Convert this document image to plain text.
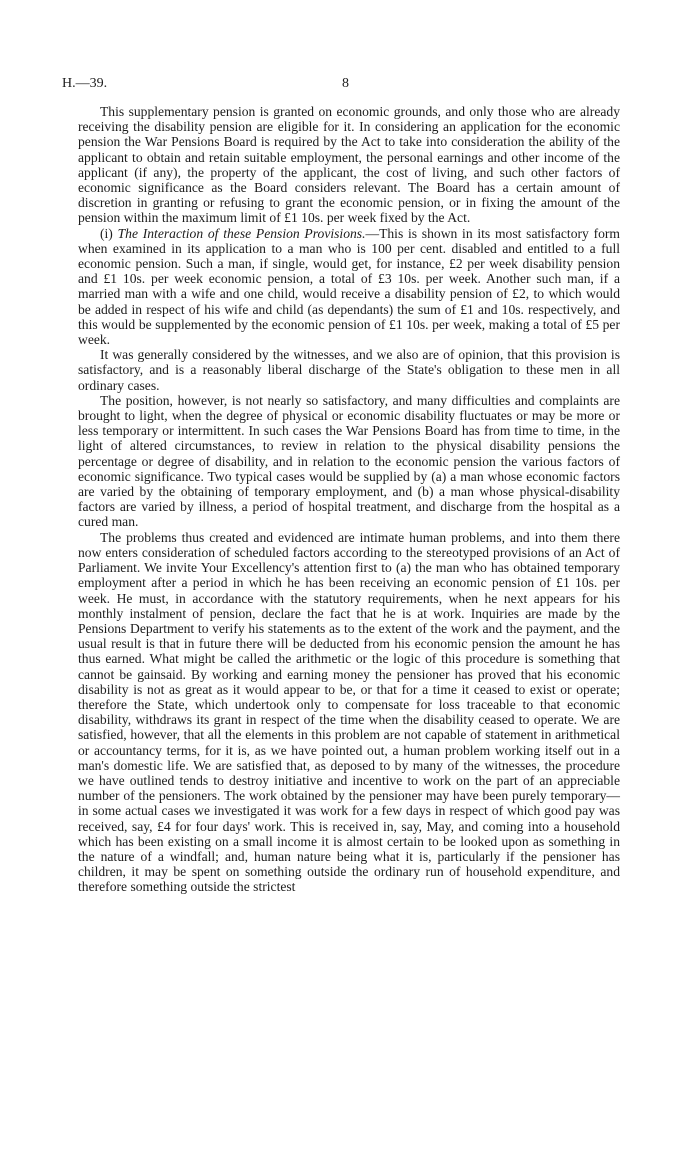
H.—39.	8

This supplementary pension is granted on economic grounds, and only those who are already receiving the disability pension are eligible for it. In considering an application for the economic pension the War Pensions Board is required by the Act to take into consideration the ability of the applicant to obtain and retain suitable employment, the personal earnings and other income of the applicant (if any), the property of the applicant, the cost of living, and such other factors of economic significance as the Board considers relevant. The Board has a certain amount of discretion in granting or refusing to grant the economic pension, or in fixing the amount of the pension within the maximum limit of £1 10s. per week fixed by the Act.

(i) The Interaction of these Pension Provisions.—This is shown in its most satisfactory form when examined in its application to a man who is 100 per cent. disabled and entitled to a full economic pension. Such a man, if single, would get, for instance, £2 per week disability pension and £1 10s. per week economic pension, a total of £3 10s. per week. Another such man, if a married man with a wife and one child, would receive a disability pension of £2, to which would be added in respect of his wife and child (as dependants) the sum of £1 and 10s. respectively, and this would be supplemented by the economic pension of £1 10s. per week, making a total of £5 per week.

It was generally considered by the witnesses, and we also are of opinion, that this provision is satisfactory, and is a reasonably liberal discharge of the State's obligation to these men in all ordinary cases.

The position, however, is not nearly so satisfactory, and many difficulties and complaints are brought to light, when the degree of physical or economic disability fluctuates or may be more or less temporary or intermittent. In such cases the War Pensions Board has from time to time, in the light of altered circumstances, to review in relation to the physical disability pensions the percentage or degree of disability, and in relation to the economic pension the various factors of economic significance. Two typical cases would be supplied by (a) a man whose economic factors are varied by the obtaining of temporary employment, and (b) a man whose physical-disability factors are varied by illness, a period of hospital treatment, and discharge from the hospital as a cured man.

The problems thus created and evidenced are intimate human problems, and into them there now enters consideration of scheduled factors according to the stereotyped provisions of an Act of Parliament. We invite Your Excellency's attention first to (a) the man who has obtained temporary employment after a period in which he has been receiving an economic pension of £1 10s. per week. He must, in accordance with the statutory requirements, when he next appears for his monthly instalment of pension, declare the fact that he is at work. Inquiries are made by the Pensions Department to verify his statements as to the extent of the work and the payment, and the usual result is that in future there will be deducted from his economic pension the amount he has thus earned. What might be called the arithmetic or the logic of this procedure is something that cannot be gainsaid. By working and earning money the pensioner has proved that his economic disability is not as great as it would appear to be, or that for a time it ceased to exist or operate; therefore the State, which undertook only to compensate for loss traceable to that economic disability, withdraws its grant in respect of the time when the disability ceased to operate. We are satisfied, however, that all the elements in this problem are not capable of statement in arithmetical or accountancy terms, for it is, as we have pointed out, a human problem working itself out in a man's domestic life. We are satisfied that, as deposed to by many of the witnesses, the procedure we have outlined tends to destroy initiative and incentive to work on the part of an appreciable number of the pensioners. The work obtained by the pensioner may have been purely temporary—in some actual cases we investigated it was work for a few days in respect of which good pay was received, say, £4 for four days' work. This is received in, say, May, and coming into a household which has been existing on a small income it is almost certain to be looked upon as something in the nature of a windfall; and, human nature being what it is, particularly if the pensioner has children, it may be spent on something outside the ordinary run of household expenditure, and therefore something outside the strictest
